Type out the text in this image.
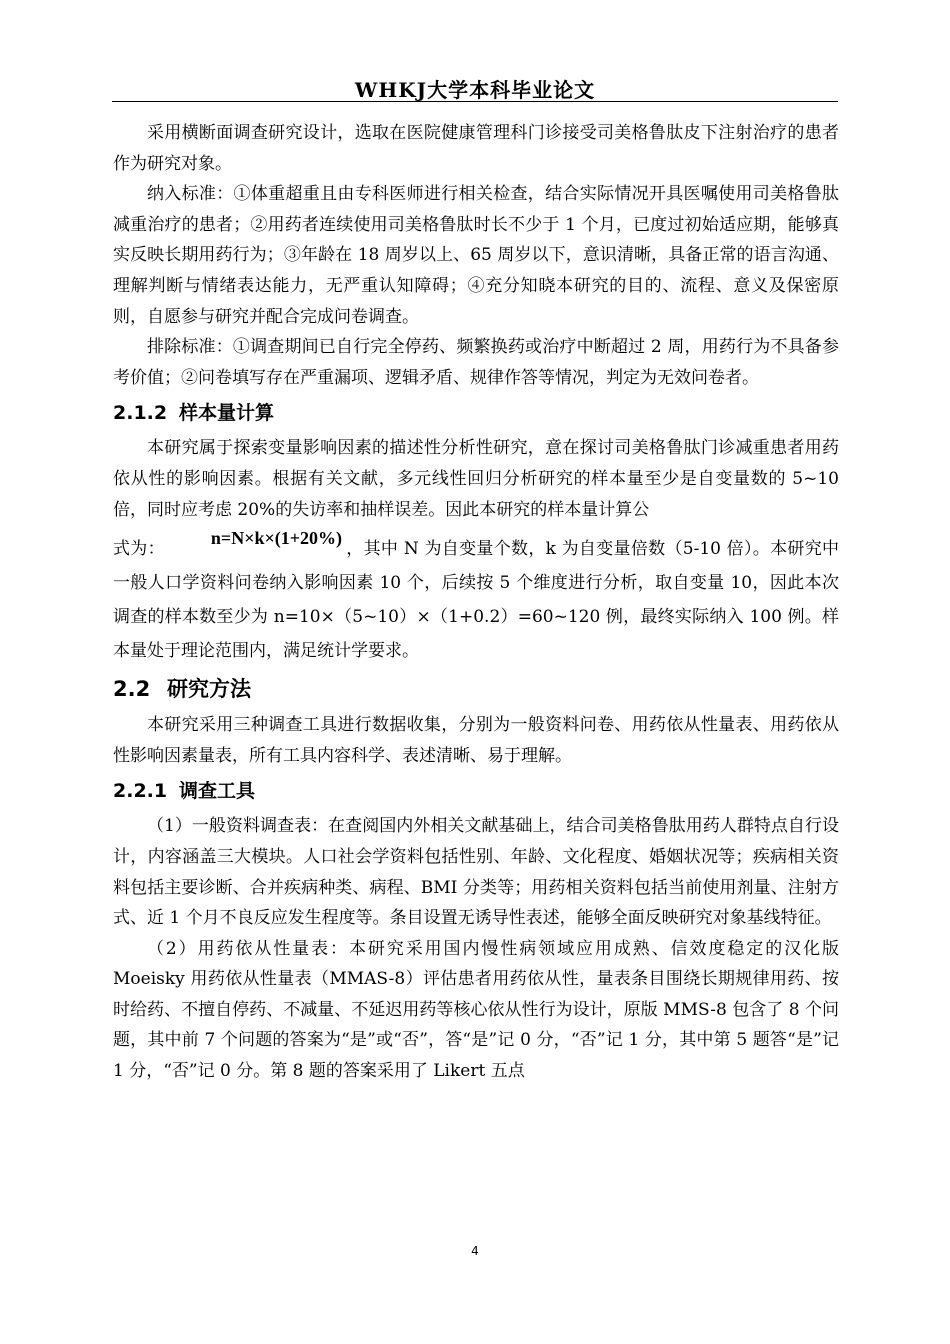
WHKJ大学本科毕业论文

采用横断面调查研究设计，选取在医院健康管理科门诊接受司美格鲁肽皮下注射治疗的患者作为研究对象。

纳入标准：①体重超重且由专科医师进行相关检查，结合实际情况开具医嘱使用司美格鲁肽减重治疗的患者；②用药者连续使用司美格鲁肽时长不少于 1 个月，已度过初始适应期，能够真实反映长期用药行为；③年龄在 18 周岁以上、65 周岁以下，意识清晰，具备正常的语言沟通、理解判断与情绪表达能力，无严重认知障碍；④充分知晓本研究的目的、流程、意义及保密原则，自愿参与研究并配合完成问卷调查。

排除标准：①调查期间已自行完全停药、频繁换药或治疗中断超过 2 周，用药行为不具备参考价值；②问卷填写存在严重漏项、逻辑矛盾、规律作答等情况，判定为无效问卷者。

2.1.2 样本量计算

本研究属于探索变量影响因素的描述性分析性研究，意在探讨司美格鲁肽门诊减重患者用药依从性的影响因素。根据有关文献，多元线性回归分析研究的样本量至少是自变量数的 5~10 倍，同时应考虑 20%的失访率和抽样误差。因此本研究的样本量计算公

式为：n=N×k×(1+20%)，其中 N 为自变量个数，k 为自变量倍数（5-10 倍）。本研究中一般人口学资料问卷纳入影响因素 10 个，后续按 5 个维度进行分析，取自变量 10，因此本次调查的样本数至少为 n=10×（5~10）×（1+0.2）=60~120 例，最终实际纳入 100 例。样本量处于理论范围内，满足统计学要求。

2.2 研究方法

本研究采用三种调查工具进行数据收集，分别为一般资料问卷、用药依从性量表、用药依从性影响因素量表，所有工具内容科学、表述清晰、易于理解。

2.2.1 调查工具

（1）一般资料调查表：在查阅国内外相关文献基础上，结合司美格鲁肽用药人群特点自行设计，内容涵盖三大模块。人口社会学资料包括性别、年龄、文化程度、婚姻状况等；疾病相关资料包括主要诊断、合并疾病种类、病程、BMI 分类等；用药相关资料包括当前使用剂量、注射方式、近 1 个月不良反应发生程度等。条目设置无诱导性表述，能够全面反映研究对象基线特征。

（2）用药依从性量表：本研究采用国内慢性病领域应用成熟、信效度稳定的汉化版 Moeisky 用药依从性量表（MMAS-8）评估患者用药依从性，量表条目围绕长期规律用药、按时给药、不擅自停药、不减量、不延迟用药等核心依从性行为设计，原版 MMS-8 包含了 8 个问题，其中前 7 个问题的答案为“是”或“否”，答“是”记 0 分，“否”记 1 分，其中第 5 题答“是”记 1 分，“否”记 0 分。第 8 题的答案采用了 Likert 五点

4
